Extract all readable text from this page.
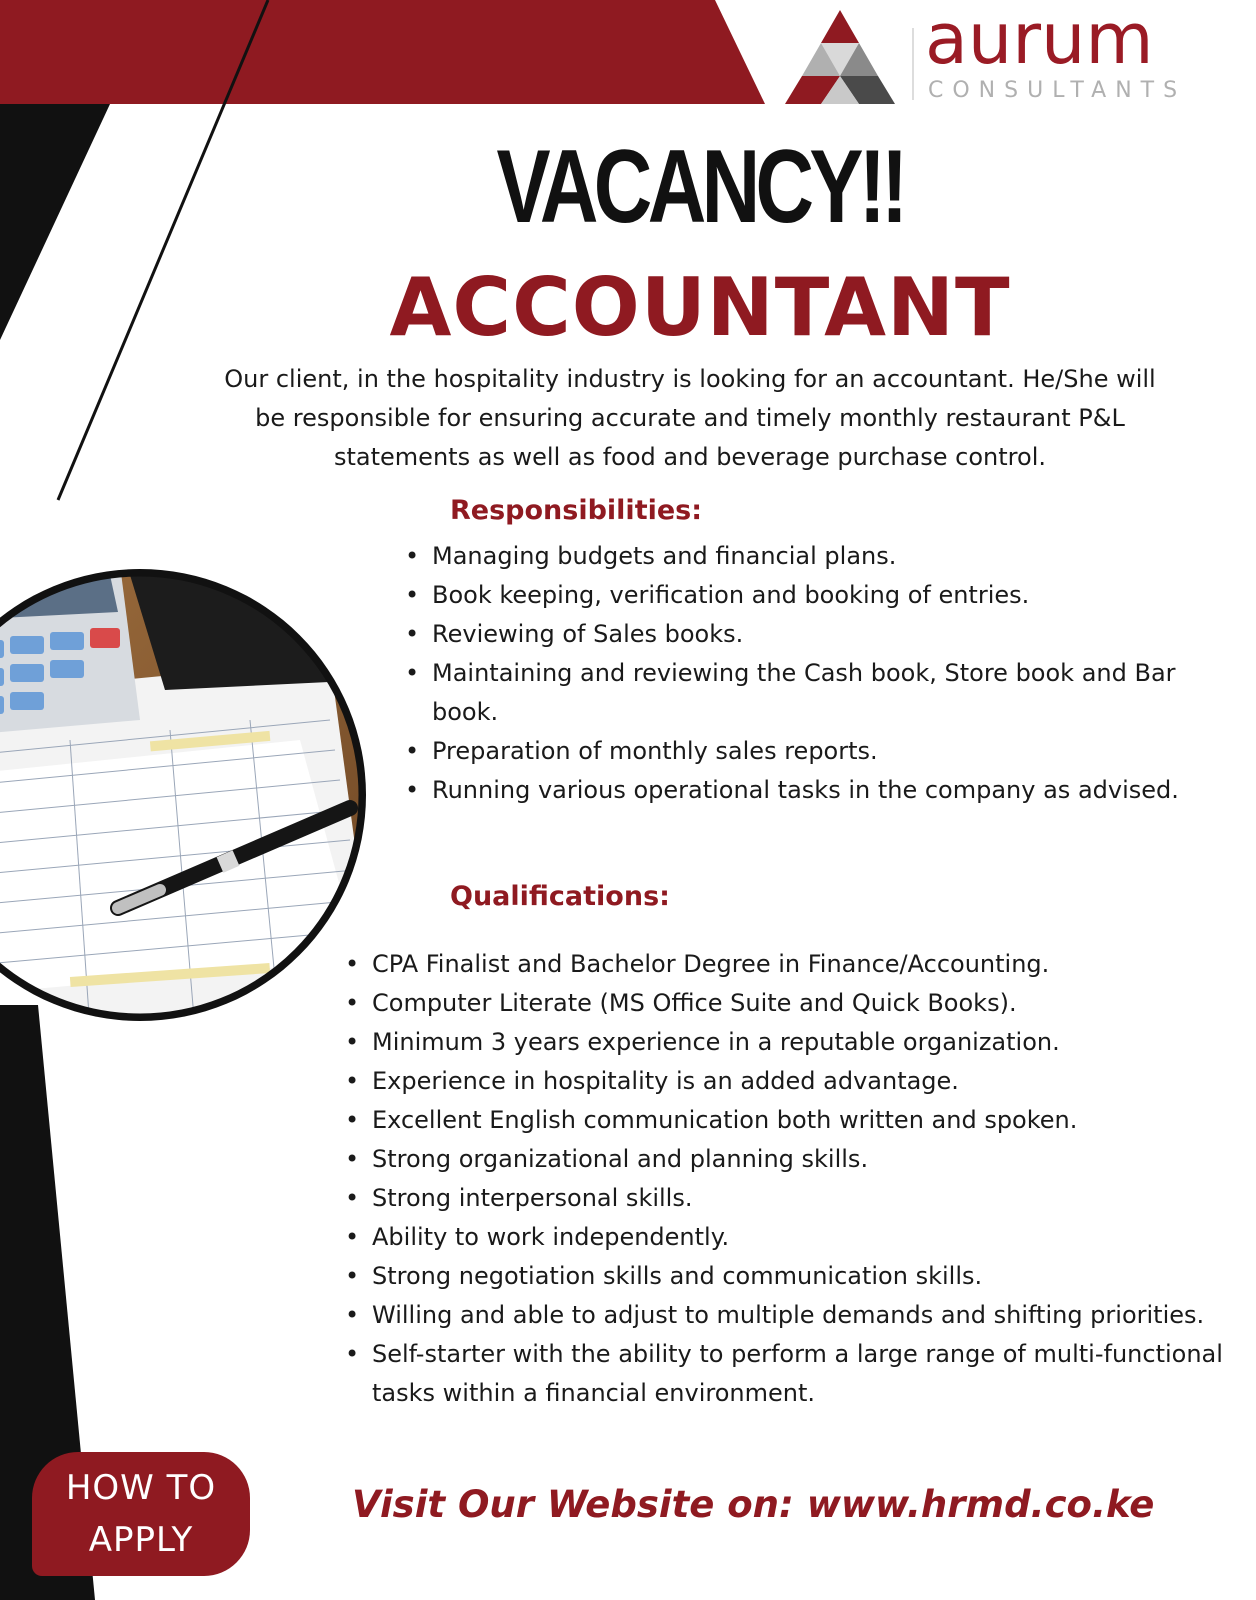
aurum
CONSULTANTS
VACANCY!!
ACCOUNTANT
Our client, in the hospitality industry is looking for an accountant. He/She will
be responsible for ensuring accurate and timely monthly restaurant P&L
statements as well as food and beverage purchase control.
Responsibilities:
• Managing budgets and financial plans.
• Book keeping, verification and booking of entries.
• Reviewing of Sales books.
• Maintaining and reviewing the Cash book, Store book and Bar book.
• Preparation of monthly sales reports.
• Running various operational tasks in the company as advised.
Qualifications:
• CPA Finalist and Bachelor Degree in Finance/Accounting.
• Computer Literate (MS Office Suite and Quick Books).
• Minimum 3 years experience in a reputable organization.
• Experience in hospitality is an added advantage.
• Excellent English communication both written and spoken.
• Strong organizational and planning skills.
• Strong interpersonal skills.
• Ability to work independently.
• Strong negotiation skills and communication skills.
• Willing and able to adjust to multiple demands and shifting priorities.
• Self-starter with the ability to perform a large range of multi-functional tasks within a financial environment.
HOW TO
APPLY
Visit Our Website on: www.hrmd.co.ke
